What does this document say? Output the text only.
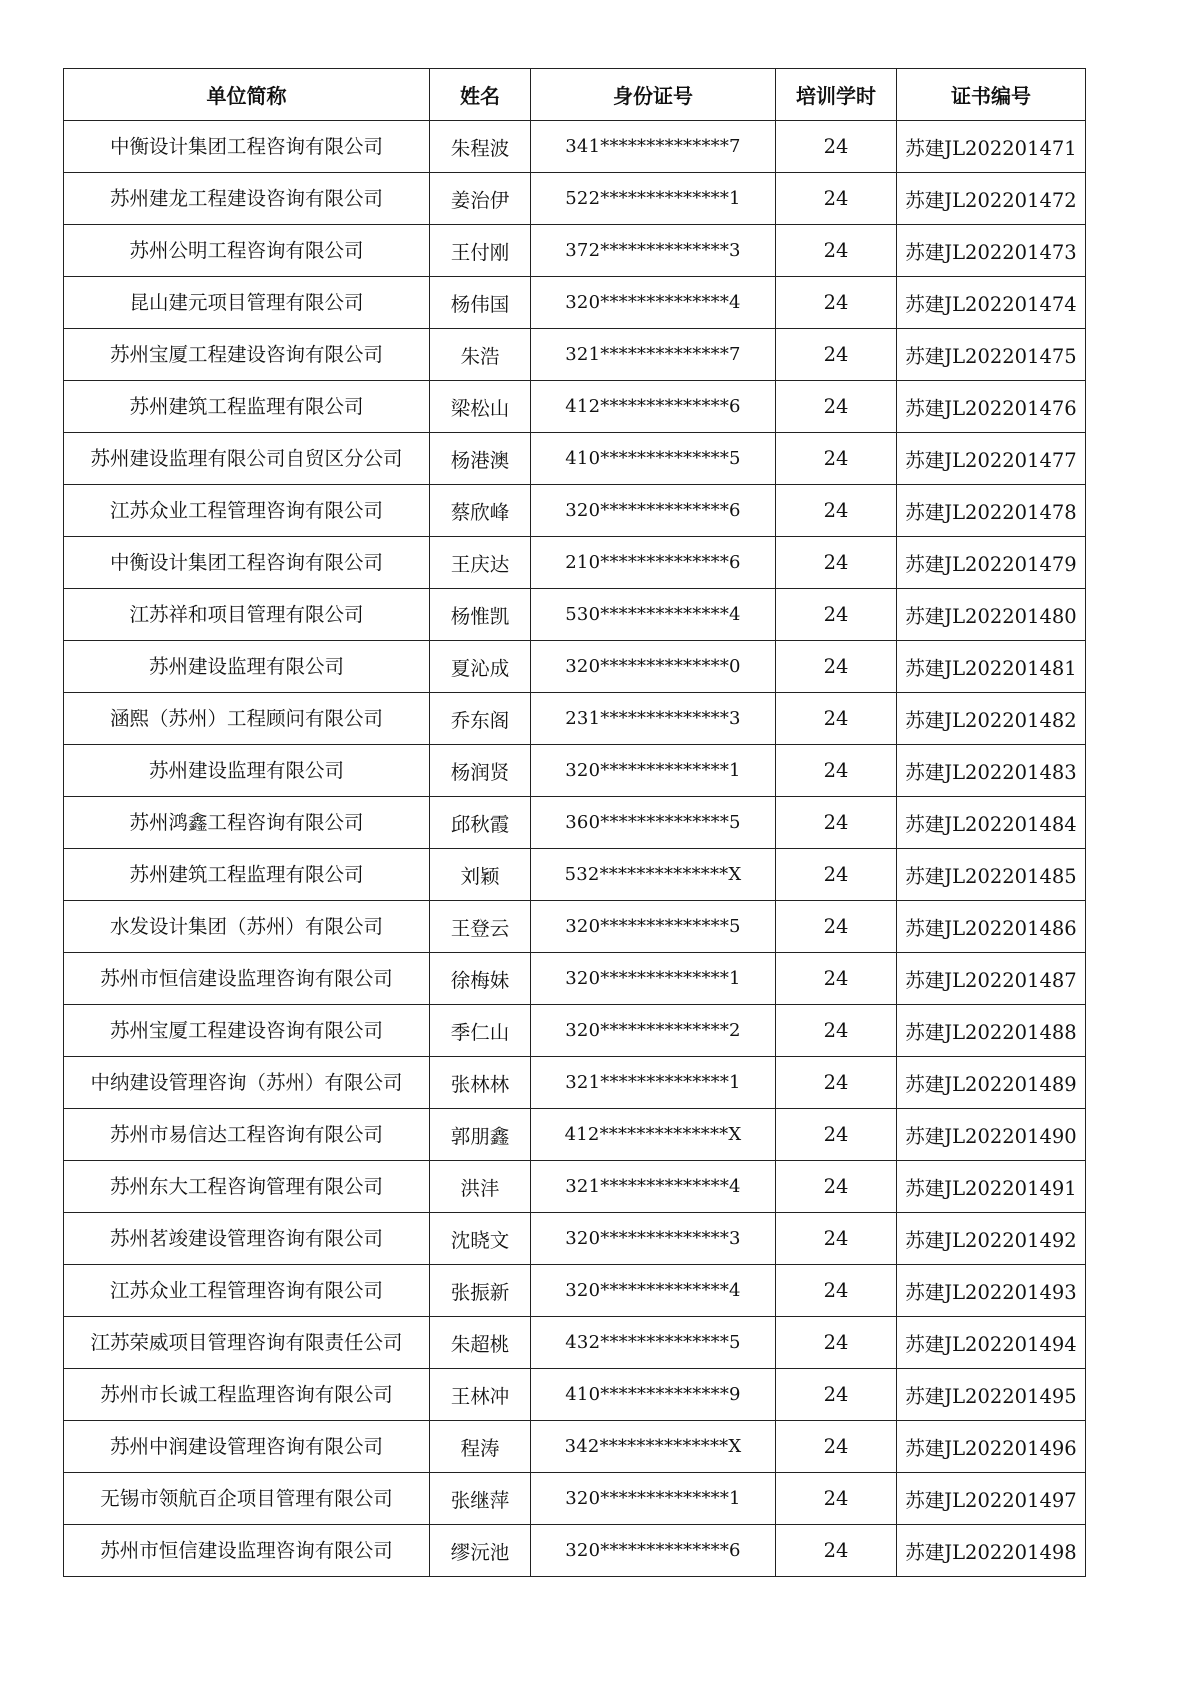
单位简称	姓名	身份证号	培训学时	证书编号
中衡设计集团工程咨询有限公司	朱程波	341**************7	24	苏建JL202201471
苏州建龙工程建设咨询有限公司	姜治伊	522**************1	24	苏建JL202201472
苏州公明工程咨询有限公司	王付刚	372**************3	24	苏建JL202201473
昆山建元项目管理有限公司	杨伟国	320**************4	24	苏建JL202201474
苏州宝厦工程建设咨询有限公司	朱浩	321**************7	24	苏建JL202201475
苏州建筑工程监理有限公司	梁松山	412**************6	24	苏建JL202201476
苏州建设监理有限公司自贸区分公司	杨港澳	410**************5	24	苏建JL202201477
江苏众业工程管理咨询有限公司	蔡欣峰	320**************6	24	苏建JL202201478
中衡设计集团工程咨询有限公司	王庆达	210**************6	24	苏建JL202201479
江苏祥和项目管理有限公司	杨惟凯	530**************4	24	苏建JL202201480
苏州建设监理有限公司	夏沁成	320**************0	24	苏建JL202201481
涵熙（苏州）工程顾问有限公司	乔东阁	231**************3	24	苏建JL202201482
苏州建设监理有限公司	杨润贤	320**************1	24	苏建JL202201483
苏州鸿鑫工程咨询有限公司	邱秋霞	360**************5	24	苏建JL202201484
苏州建筑工程监理有限公司	刘颖	532**************X	24	苏建JL202201485
水发设计集团（苏州）有限公司	王登云	320**************5	24	苏建JL202201486
苏州市恒信建设监理咨询有限公司	徐梅妹	320**************1	24	苏建JL202201487
苏州宝厦工程建设咨询有限公司	季仁山	320**************2	24	苏建JL202201488
中纳建设管理咨询（苏州）有限公司	张林林	321**************1	24	苏建JL202201489
苏州市易信达工程咨询有限公司	郭朋鑫	412**************X	24	苏建JL202201490
苏州东大工程咨询管理有限公司	洪沣	321**************4	24	苏建JL202201491
苏州茗竣建设管理咨询有限公司	沈晓文	320**************3	24	苏建JL202201492
江苏众业工程管理咨询有限公司	张振新	320**************4	24	苏建JL202201493
江苏荣威项目管理咨询有限责任公司	朱超桃	432**************5	24	苏建JL202201494
苏州市长诚工程监理咨询有限公司	王林冲	410**************9	24	苏建JL202201495
苏州中润建设管理咨询有限公司	程涛	342**************X	24	苏建JL202201496
无锡市领航百企项目管理有限公司	张继萍	320**************1	24	苏建JL202201497
苏州市恒信建设监理咨询有限公司	缪沅池	320**************6	24	苏建JL202201498
